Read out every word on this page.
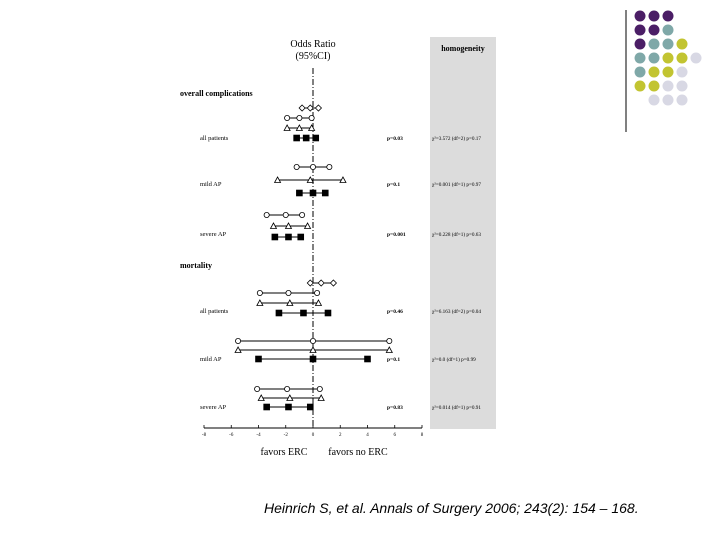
Odds Ratio
(95%CI)
homogeneity
favors ERC favors no ERC
-8	-6	-4	-2	0	2	4	6	8
overall complications
all patients	p=0.03	χ²=3.572 (df=2) p=0.17
mild AP	p=0.1	χ²=0.001 (df=1) p=0.97
severe AP	p=0.001	χ²=0.228 (df=1) p=0.63
mortality
all patients	p=0.46	χ²=6.163 (df=2) p=0.04
mild AP	p=0.1	χ²=0.0 (df=1) p=0.99
severe AP	p=0.83	χ²=0.014 (df=1) p=0.91
Heinrich S, et al. Annals of Surgery 2006; 243(2): 154 – 168.
